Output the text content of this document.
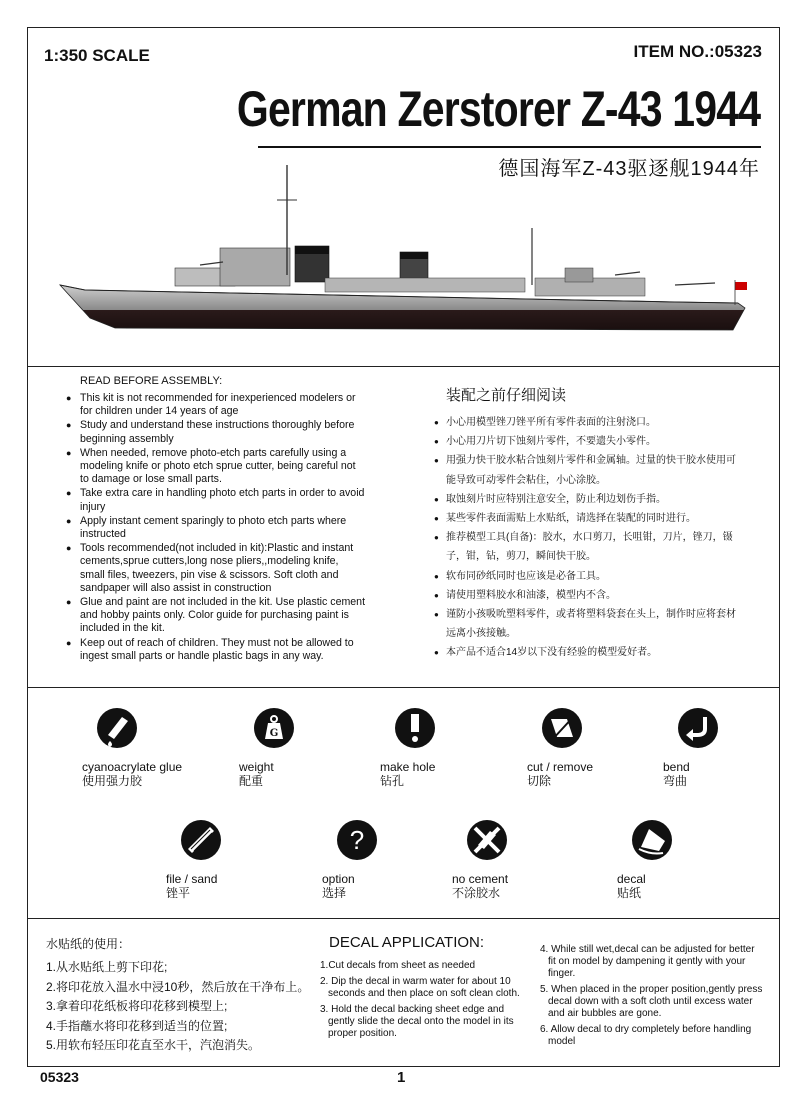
1:350 SCALE	ITEM NO.:05323
German Zerstorer Z-43 1944
德国海军Z-43驱逐舰1944年
READ BEFORE ASSEMBLY:
● This kit is not recommended for inexperienced modelers or for children under 14 years of age
● Study and understand these instructions thoroughly before beginning assembly
● When needed, remove photo-etch parts carefully using a modeling knife or photo etch sprue cutter, being careful not to damage or lose small parts.
● Take extra care in handling photo etch parts in order to avoid injury
● Apply instant cement sparingly to photo etch parts where instructed
● Tools recommended(not included in kit):Plastic and instant cements,sprue cutters,long nose pliers,,modeling knife, small files, tweezers, pin vise & scissors. Soft cloth and sandpaper will also assist in construction
● Glue and paint are not included in the kit. Use plastic cement and hobby paints only. Color guide for purchasing paint is included in the kit.
● Keep out of reach of children. They must not be allowed to ingest small parts or handle plastic bags in any way.
装配之前仔细阅读
● 小心用模型锉刀锉平所有零件表面的注射浇口。
● 小心用刀片切下蚀刻片零件，不要遗失小零件。
● 用强力快干胶水粘合蚀刻片零件和金属轴。过量的快干胶水使用可能导致可动零件会粘住，小心涂胶。
● 取蚀刻片时应特别注意安全，防止利边划伤手指。
● 某些零件表面需贴上水贴纸，请选择在装配的同时进行。
● 推荐模型工具(自备)：胶水，水口剪刀，长咀钳，刀片，锉刀，镊子，钳，钻，剪刀，瞬间快干胶。
● 软布同砂纸同时也应该是必备工具。
● 请使用塑料胶水和油漆，模型内不含。
● 谨防小孩吸吮塑料零件，或者将塑料袋套在头上，制作时应将套材远离小孩接触。
● 本产品不适合14岁以下没有经验的模型爱好者。
cyanoacrylate glue
使用强力胶
G
weight
配重
make hole
钻孔
cut / remove
切除
bend
弯曲
file / sand
锉平
?
option
选择
no cement
不涂胶水
decal
贴纸
水贴纸的使用：
1.从水贴纸上剪下印花;
2.将印花放入温水中浸10秒，然后放在干净布上。
3.拿着印花纸板将印花移到模型上;
4.手指蘸水将印花移到适当的位置;
5.用软布轻压印花直至水干，汽泡消失。
DECAL APPLICATION:
1.Cut decals from sheet as needed
2. Dip the decal in warm water for about 10 seconds and then place on soft clean cloth.
3. Hold the decal backing sheet edge and gently slide the decal onto the model in its proper position.
4. While still wet,decal can be adjusted for better fit on model by dampening it gently with your finger.
5. When placed in the proper position,gently press decal down with a soft cloth until excess water and air bubbles are gone.
6. Allow decal to dry completely before handling model
05323	1
